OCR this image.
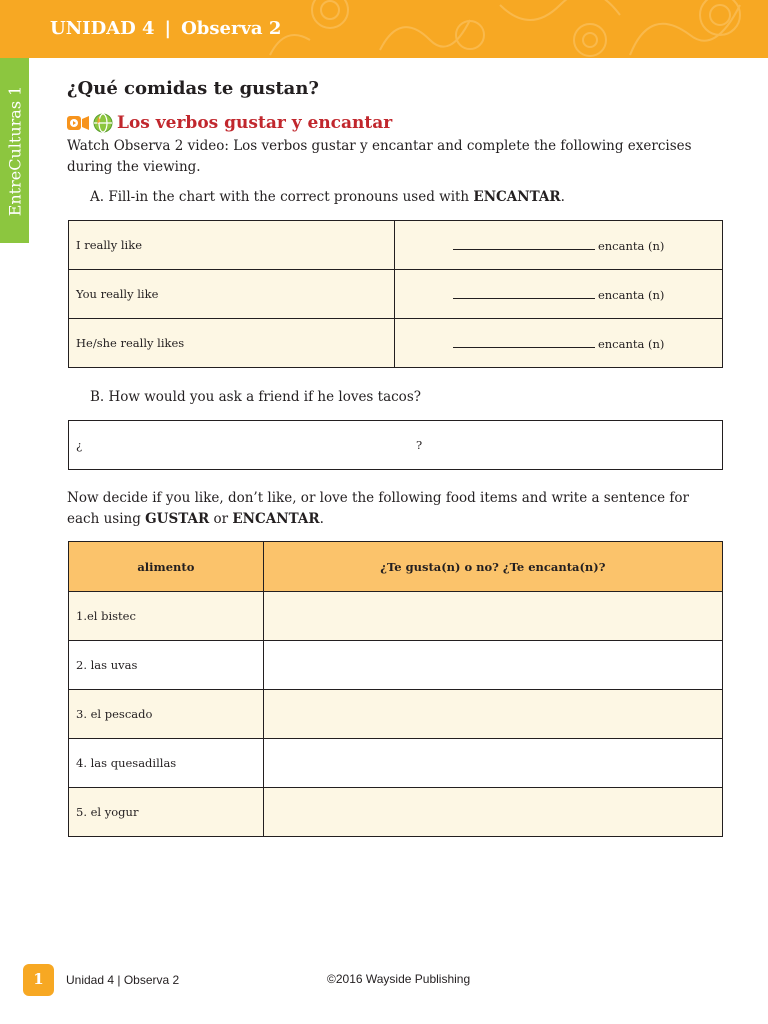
UNIDAD 4 | Observa 2
EntreCulturas 1 ¿Qué comidas te gustan?
Los verbos gustar y encantar
Watch Observa 2 video: Los verbos gustar y encantar and complete the following exercises during the viewing.
A. Fill-in the chart with the correct pronouns used with ENCANTAR.
I really like	encanta (n)
You really like	encanta (n)
He/she really likes	encanta (n)
B. How would you ask a friend if he loves tacos?
¿	?
Now decide if you like, don’t like, or love the following food items and write a sentence for each using GUSTAR or ENCANTAR.
alimento	¿Te gusta(n) o no? ¿Te encanta(n)?
1.el bistec	
2. las uvas	
3. el pescado	
4. las quesadillas	
5. el yogur	
1	Unidad 4 | Observa 2	©2016 Wayside Publishing
